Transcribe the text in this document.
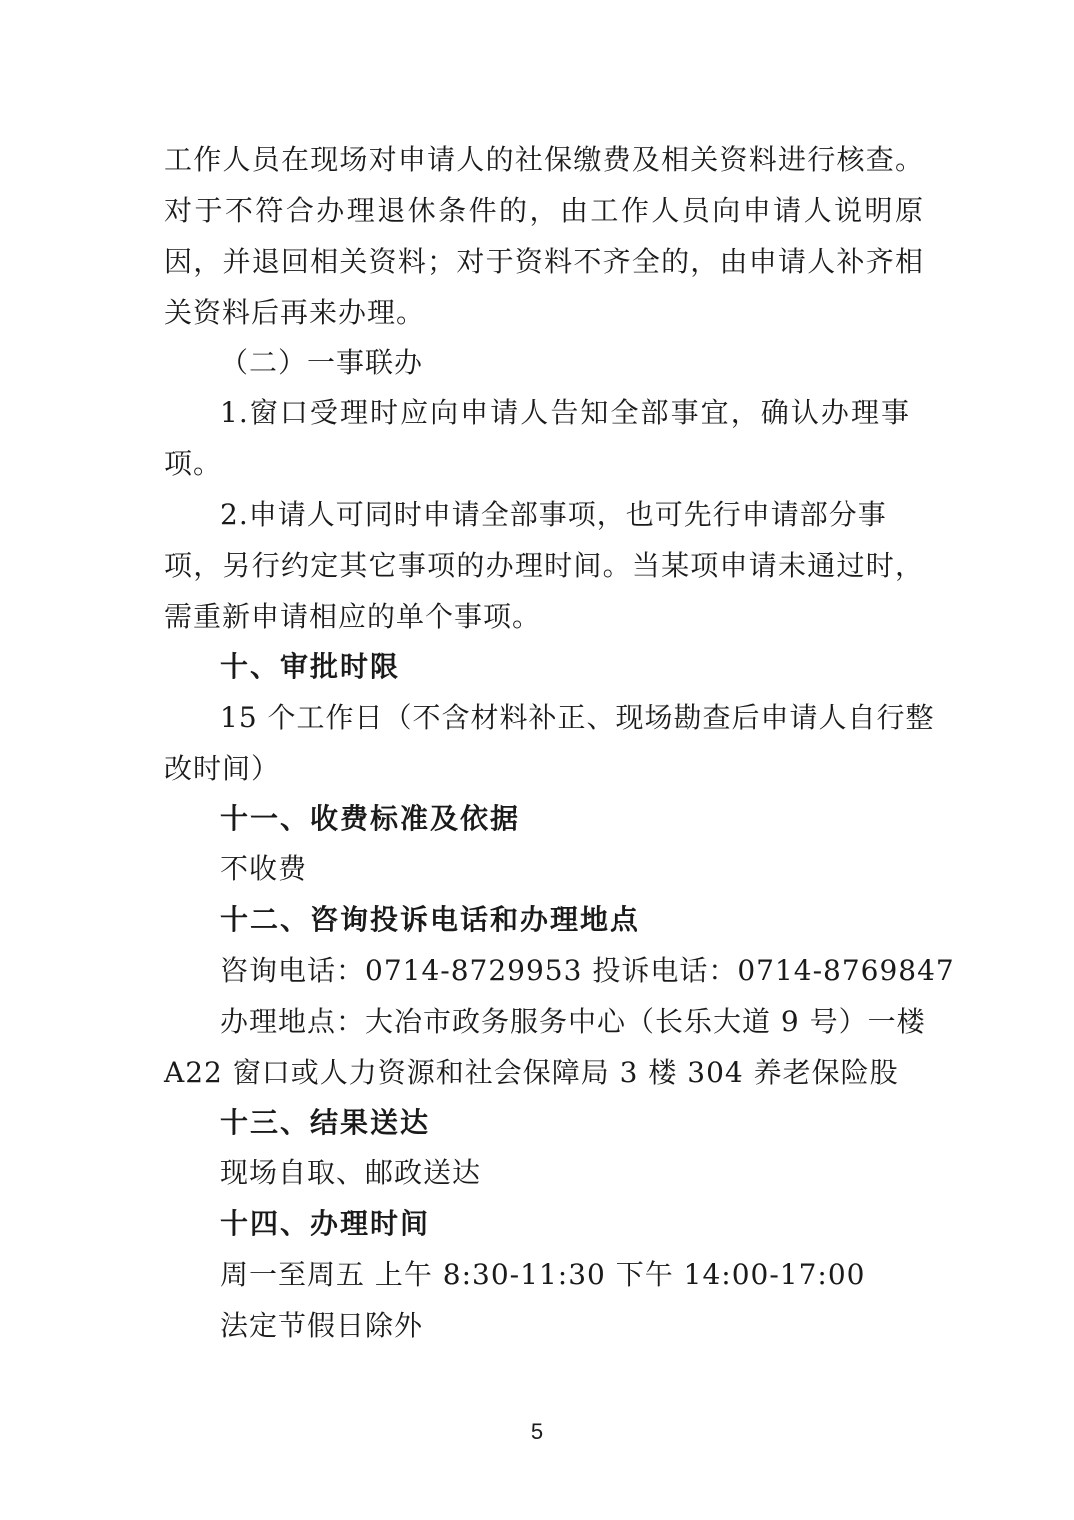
工作人员在现场对申请人的社保缴费及相关资料进行核查。
对于不符合办理退休条件的，由工作人员向申请人说明原
因，并退回相关资料；对于资料不齐全的，由申请人补齐相
关资料后再来办理。
（二）一事联办
1.窗口受理时应向申请人告知全部事宜，确认办理事
项。
2.申请人可同时申请全部事项，也可先行申请部分事
项，另行约定其它事项的办理时间。当某项申请未通过时，
需重新申请相应的单个事项。
十、审批时限
15 个工作日（不含材料补正、现场勘查后申请人自行整
改时间）
十一、收费标准及依据
不收费
十二、咨询投诉电话和办理地点
咨询电话：0714-8729953 投诉电话：0714-8769847
办理地点：大冶市政务服务中心（长乐大道 9 号）一楼
A22 窗口或人力资源和社会保障局 3 楼 304 养老保险股
十三、结果送达
现场自取、邮政送达
十四、办理时间
周一至周五 上午 8:30-11:30 下午 14:00-17:00
法定节假日除外
5
